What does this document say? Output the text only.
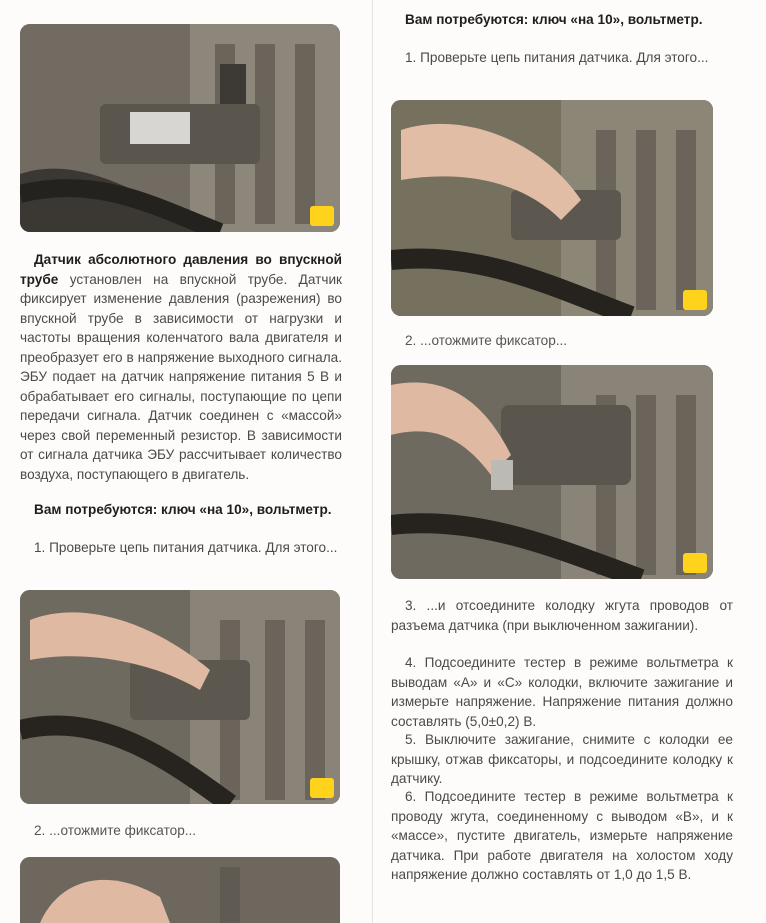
Датчик абсолютного давления во впускной трубе установлен на впускной трубе. Датчик фиксирует изменение давления (разрежения) во впускной трубе в зависимости от нагрузки и частоты вращения коленчатого вала двигателя и преобразует его в напряжение выходного сигнала. ЭБУ подает на датчик напряжение питания 5 В и обрабатывает его сигналы, поступающие по цепи передачи сигнала. Датчик соединен с «массой» через свой переменный резистор. В зависимости от сигнала датчика ЭБУ рассчитывает количество воздуха, поступающего в двигатель.
Вам потребуются: ключ «на 10», вольтметр.
1. Проверьте цепь питания датчика. Для этого...
2. ...отожмите фиксатор...
Вам потребуются: ключ «на 10», вольтметр.
1. Проверьте цепь питания датчика. Для этого...
2. ...отожмите фиксатор...
3. ...и отсоедините колодку жгута проводов от разъема датчика (при выключенном зажигании).
4. Подсоедините тестер в режиме вольтметра к выводам «А» и «С» колодки, включите зажигание и измерьте напряжение. Напряжение питания должно составлять (5,0±0,2) В.
5. Выключите зажигание, снимите с колодки ее крышку, отжав фиксаторы, и подсоедините колодку к датчику.
6. Подсоедините тестер в режиме вольтметра к проводу жгута, соединенному с выводом «В», и к «массе», пустите двигатель, измерьте напряжение датчика. При работе двигателя на холостом ходу напряжение должно составлять от 1,0 до 1,5 В.
